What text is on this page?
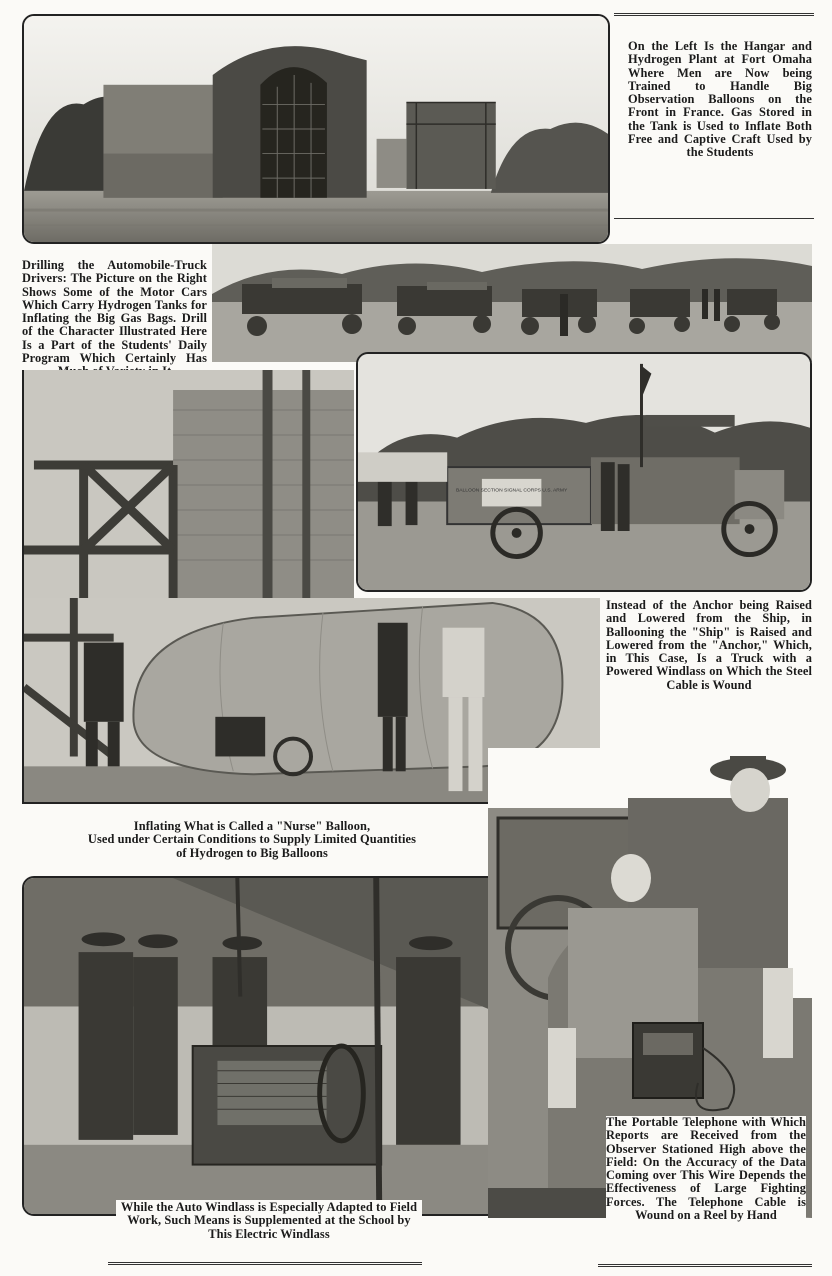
On the Left Is the Hangar and Hydrogen Plant at Fort Omaha Where Men are Now being Trained to Handle Big Observation Balloons on the Front in France. Gas Stored in the Tank is Used to Inflate Both Free and Captive Craft Used by the Students
Drilling the Automobile-Truck Drivers: The Picture on the Right Shows Some of the Motor Cars Which Carry Hydrogen Tanks for Inflating the Big Gas Bags. Drill of the Character Illustrated Here Is a Part of the Students' Daily Program Which Certainly Has
BALLOON SECTION SIGNAL CORPS U.S. ARMY
Instead of the Anchor being Raised and Lowered from the Ship, in Ballooning the "Ship" is Raised and Lowered from the "Anchor," Which, in This Case, Is a Truck with a Powered Windlass on Which the Steel Cable is Wound
Inflating What is Called a "Nurse" Balloon,
Used under Certain Conditions to Supply Limited Quantities
of Hydrogen to Big Balloons
While the Auto Windlass is Especially Adapted to Field Work, Such Means is Supplemented at the School by This Electric Windlass
The Portable Telephone with Which Reports are Received from the Observer Stationed High above the Field: On the Accuracy of the Data Coming over This Wire Depends the Effectiveness of Large Fighting Forces. The Telephone Cable is Wound on a Reel by Hand
